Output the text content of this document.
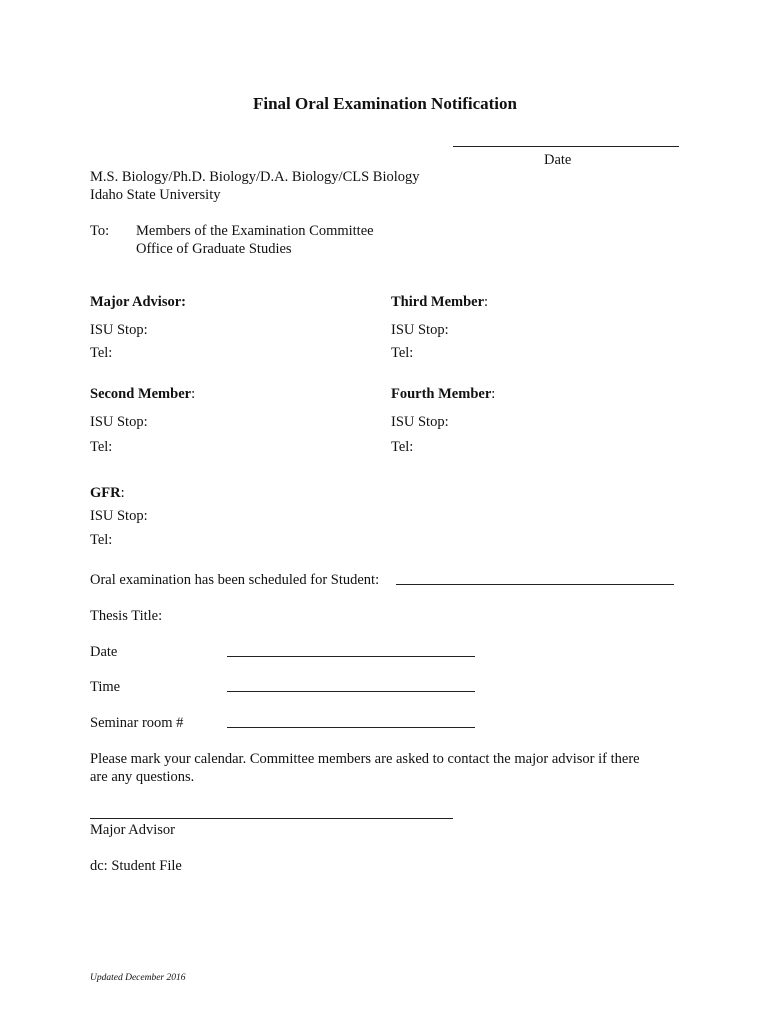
Final Oral Examination Notification
Date
M.S. Biology/Ph.D. Biology/D.A. Biology/CLS Biology
Idaho State University
To: Members of the Examination Committee
Office of Graduate Studies
Major Advisor:
ISU Stop:
Tel:
Third Member:
ISU Stop:
Tel:
Second Member:
ISU Stop:
Tel:
Fourth Member:
ISU Stop:
Tel:
GFR:
ISU Stop:
Tel:
Oral examination has been scheduled for Student:
Thesis Title:
Date
Time
Seminar room #
Please mark your calendar. Committee members are asked to contact the major advisor if there
are any questions.
Major Advisor
dc: Student File
Updated December 2016
